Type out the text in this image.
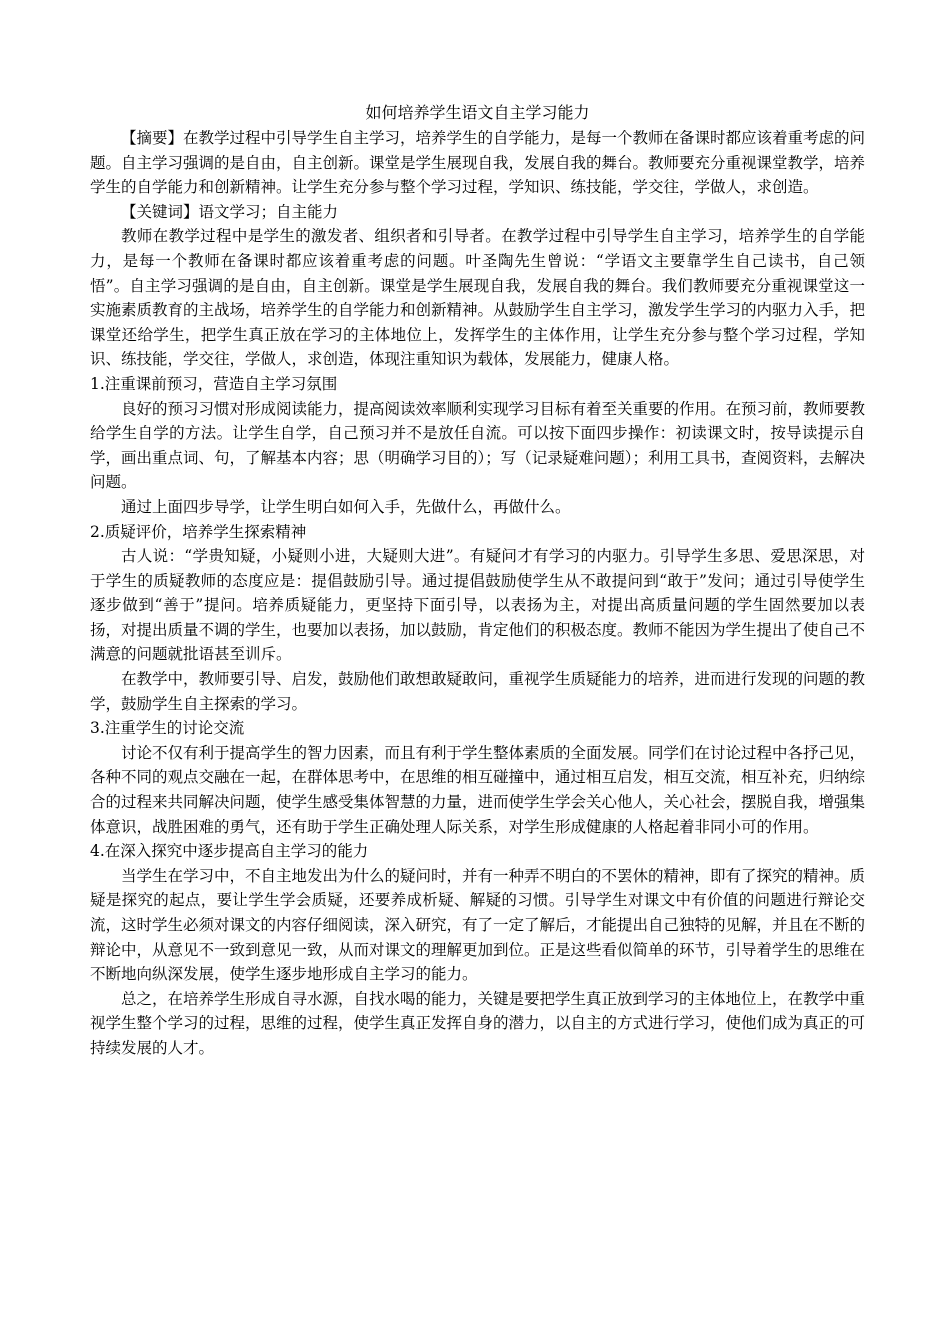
如何培养学生语文自主学习能力

【摘要】在教学过程中引导学生自主学习，培养学生的自学能力，是每一个教师在备课时都应该着重考虑的问题。自主学习强调的是自由，自主创新。课堂是学生展现自我，发展自我的舞台。教师要充分重视课堂教学，培养学生的自学能力和创新精神。让学生充分参与整个学习过程，学知识、练技能，学交往，学做人，求创造。

【关键词】语文学习；自主能力

教师在教学过程中是学生的激发者、组织者和引导者。在教学过程中引导学生自主学习，培养学生的自学能力，是每一个教师在备课时都应该着重考虑的问题。叶圣陶先生曾说：“学语文主要靠学生自己读书，自己领悟”。自主学习强调的是自由，自主创新。课堂是学生展现自我，发展自我的舞台。我们教师要充分重视课堂这一实施素质教育的主战场，培养学生的自学能力和创新精神。从鼓励学生自主学习，激发学生学习的内驱力入手，把课堂还给学生，把学生真正放在学习的主体地位上，发挥学生的主体作用，让学生充分参与整个学习过程，学知识、练技能，学交往，学做人，求创造，体现注重知识为载体，发展能力，健康人格。

1.注重课前预习，营造自主学习氛围

良好的预习习惯对形成阅读能力，提高阅读效率顺利实现学习目标有着至关重要的作用。在预习前，教师要教给学生自学的方法。让学生自学，自己预习并不是放任自流。可以按下面四步操作：初读课文时，按导读提示自学，画出重点词、句，了解基本内容；思（明确学习目的）；写（记录疑难问题）；利用工具书，查阅资料，去解决问题。

通过上面四步导学，让学生明白如何入手，先做什么，再做什么。

2.质疑评价，培养学生探索精神

古人说：“学贵知疑，小疑则小进，大疑则大进”。有疑问才有学习的内驱力。引导学生多思、爱思深思，对于学生的质疑教师的态度应是：提倡鼓励引导。通过提倡鼓励使学生从不敢提问到“敢于”发问；通过引导使学生逐步做到“善于”提问。培养质疑能力，更坚持下面引导，以表扬为主，对提出高质量问题的学生固然要加以表扬，对提出质量不调的学生，也要加以表扬，加以鼓励，肯定他们的积极态度。教师不能因为学生提出了使自己不满意的问题就批语甚至训斥。

在教学中，教师要引导、启发，鼓励他们敢想敢疑敢问，重视学生质疑能力的培养，进而进行发现的问题的教学，鼓励学生自主探索的学习。

3.注重学生的讨论交流

讨论不仅有利于提高学生的智力因素，而且有利于学生整体素质的全面发展。同学们在讨论过程中各抒己见，各种不同的观点交融在一起，在群体思考中，在思维的相互碰撞中，通过相互启发，相互交流，相互补充，归纳综合的过程来共同解决问题，使学生感受集体智慧的力量，进而使学生学会关心他人，关心社会，摆脱自我，增强集体意识，战胜困难的勇气，还有助于学生正确处理人际关系，对学生形成健康的人格起着非同小可的作用。

4.在深入探究中逐步提高自主学习的能力

当学生在学习中，不自主地发出为什么的疑问时，并有一种弄不明白的不罢休的精神，即有了探究的精神。质疑是探究的起点，要让学生学会质疑，还要养成析疑、解疑的习惯。引导学生对课文中有价值的问题进行辩论交流，这时学生必须对课文的内容仔细阅读，深入研究，有了一定了解后，才能提出自己独特的见解，并且在不断的辩论中，从意见不一致到意见一致，从而对课文的理解更加到位。正是这些看似简单的环节，引导着学生的思维在不断地向纵深发展，使学生逐步地形成自主学习的能力。

总之，在培养学生形成自寻水源，自找水喝的能力，关键是要把学生真正放到学习的主体地位上，在教学中重视学生整个学习的过程，思维的过程，使学生真正发挥自身的潜力，以自主的方式进行学习，使他们成为真正的可持续发展的人才。
